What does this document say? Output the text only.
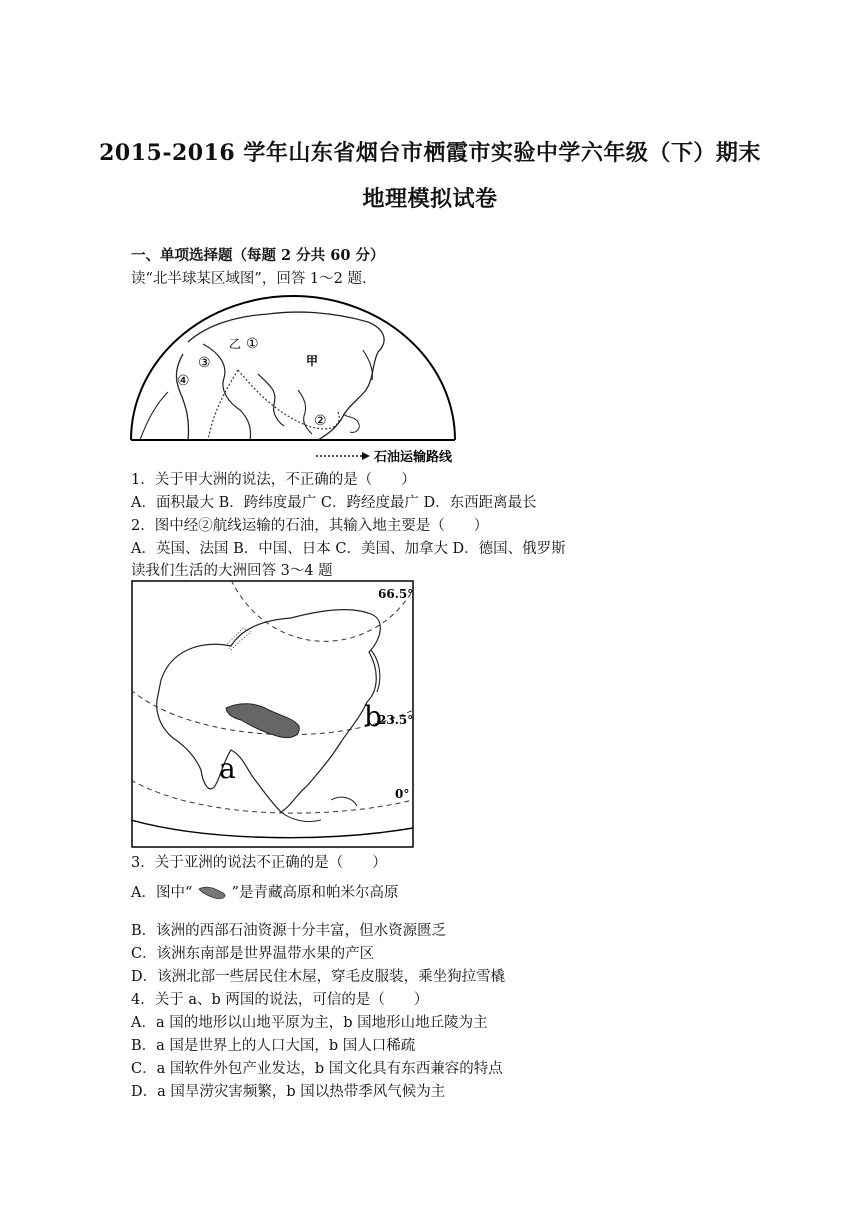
2015-2016 学年山东省烟台市栖霞市实验中学六年级（下）期末
地理模拟试卷
一、单项选择题（每题 2 分共 60 分）
读“北半球某区域图”，回答 1～2 题.
甲
乙 ①
②
③
④
石油运输路线
1．关于甲大洲的说法，不正确的是（　　）
A．面积最大 B．跨纬度最广 C．跨经度最广 D．东西距离最长
2．图中经②航线运输的石油，其输入地主要是（　　）
A．英国、法国 B．中国、日本 C．美国、加拿大 D．德国、俄罗斯
读我们生活的大洲回答 3～4 题
66.5°
23.5°
0°
a
b
3．关于亚洲的说法不正确的是（　　）
A．图中“	”是青藏高原和帕米尔高原
B．该洲的西部石油资源十分丰富，但水资源匮乏
C．该洲东南部是世界温带水果的产区
D．该洲北部一些居民住木屋，穿毛皮服装，乘坐狗拉雪橇
4．关于 a、b 两国的说法，可信的是（　　）
A．a 国的地形以山地平原为主，b 国地形山地丘陵为主
B．a 国是世界上的人口大国，b 国人口稀疏
C．a 国软件外包产业发达，b 国文化具有东西兼容的特点
D．a 国旱涝灾害频繁，b 国以热带季风气候为主
